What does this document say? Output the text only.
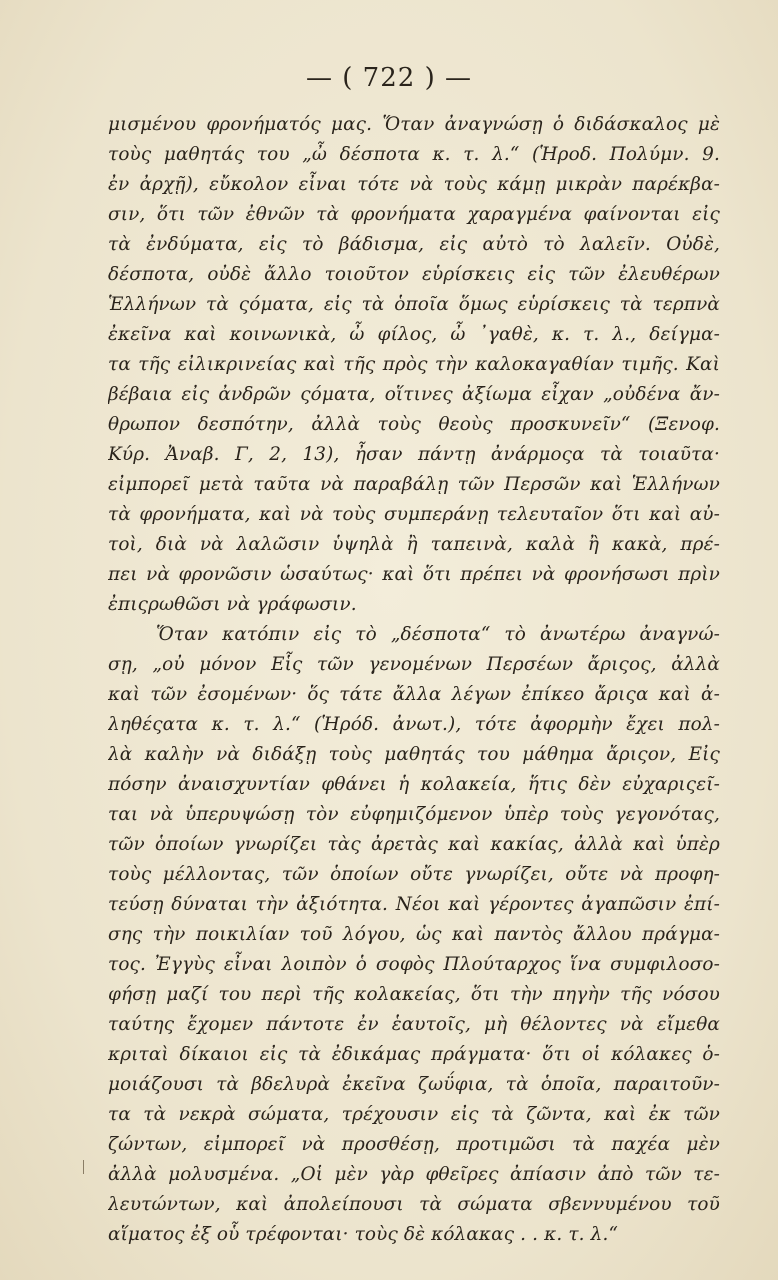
— ( 722 ) —
μισμένου φρονήματός μας. Ὅταν ἀναγνώσῃ ὁ διδάσκαλος μὲ
τοὺς μαθητάς του „ὦ δέσποτα κ. τ. λ.“ (Ἡροδ. Πολύμν. 9.
ἐν ἀρχῇ), εὔκολον εἶναι τότε νὰ τοὺς κάμῃ μικρὰν παρέκβα-
σιν, ὅτι τῶν ἐθνῶν τὰ φρονήματα χαραγμένα φαίνονται εἰς
τὰ ἐνδύματα, εἰς τὸ βάδισμα, εἰς αὐτὸ τὸ λαλεῖν. Οὐδὲ,
δέσποτα, οὐδὲ ἄλλο τοιοῦτον εὑρίσκεις εἰς τῶν ἐλευθέρων
Ἑλλήνων τὰ ςόματα, εἰς τὰ ὁποῖα ὅμως εὑρίσκεις τὰ τερπνὰ
ἐκεῖνα καὶ κοινωνικὰ, ὦ φίλος, ὦ ᾽γαθὲ, κ. τ. λ., δείγμα-
τα τῆς εἰλικρινείας καὶ τῆς πρὸς τὴν καλοκαγαθίαν τιμῆς. Καὶ
βέβαια εἰς ἀνδρῶν ςόματα, οἵτινες ἀξίωμα εἶχαν „οὐδένα ἄν-
θρωπον δεσπότην, ἀλλὰ τοὺς θεοὺς προσκυνεῖν“ (Ξενοφ.
Κύρ. Ἀναβ. Γ, 2, 13), ἦσαν πάντῃ ἀνάρμοςα τὰ τοιαῦτα·
εἰμπορεῖ μετὰ ταῦτα νὰ παραβάλῃ τῶν Περσῶν καὶ Ἑλλήνων
τὰ φρονήματα, καὶ νὰ τοὺς συμπεράνῃ τελευταῖον ὅτι καὶ αὐ-
τοὶ, διὰ νὰ λαλῶσιν ὑψηλὰ ἢ ταπεινὰ, καλὰ ἢ κακὰ, πρέ-
πει νὰ φρονῶσιν ὡσαύτως· καὶ ὅτι πρέπει νὰ φρονήσωσι πρὶν
ἐπιςρωθῶσι νὰ γράφωσιν.
Ὅταν κατόπιν εἰς τὸ „δέσποτα“ τὸ ἀνωτέρω ἀναγνώ-
σῃ, „οὐ μόνον Εἷς τῶν γενομένων Περσέων ἄριςος, ἀλλὰ
καὶ τῶν ἐσομένων· ὅς τάτε ἄλλα λέγων ἐπίκεο ἄριςα καὶ ἀ-
ληθέςατα κ. τ. λ.“ (Ἡρόδ. ἀνωτ.), τότε ἀφορμὴν ἔχει πολ-
λὰ καλὴν νὰ διδάξῃ τοὺς μαθητάς του μάθημα ἄριςον, Εἰς
πόσην ἀναισχυντίαν φθάνει ἡ κολακεία, ἥτις δὲν εὐχαριςεῖ-
ται νὰ ὑπερυψώσῃ τὸν εὐφημιζόμενον ὑπὲρ τοὺς γεγονότας,
τῶν ὁποίων γνωρίζει τὰς ἀρετὰς καὶ κακίας, ἀλλὰ καὶ ὑπὲρ
τοὺς μέλλοντας, τῶν ὁποίων οὔτε γνωρίζει, οὔτε νὰ προφη-
τεύσῃ δύναται τὴν ἀξιότητα. Νέοι καὶ γέροντες ἀγαπῶσιν ἐπί-
σης τὴν ποικιλίαν τοῦ λόγου, ὡς καὶ παντὸς ἄλλου πράγμα-
τος. Ἐγγὺς εἶναι λοιπὸν ὁ σοφὸς Πλούταρχος ἵνα συμφιλοσο-
φήσῃ μαζί του περὶ τῆς κολακείας, ὅτι τὴν πηγὴν τῆς νόσου
ταύτης ἔχομεν πάντοτε ἐν ἑαυτοῖς, μὴ θέλοντες νὰ εἴμεθα
κριταὶ δίκαιοι εἰς τὰ ἐδικάμας πράγματα· ὅτι οἱ κόλακες ὁ-
μοιάζουσι τὰ βδελυρὰ ἐκεῖνα ζωΰφια, τὰ ὁποῖα, παραιτοῦν-
τα τὰ νεκρὰ σώματα, τρέχουσιν εἰς τὰ ζῶντα, καὶ ἐκ τῶν
ζώντων, εἰμπορεῖ νὰ προσθέσῃ, προτιμῶσι τὰ παχέα μὲν
ἀλλὰ μολυσμένα. „Οἱ μὲν γὰρ φθεῖρες ἀπίασιν ἀπὸ τῶν τε-
λευτώντων, καὶ ἀπολείπουσι τὰ σώματα σβεννυμένου τοῦ
αἵματος ἐξ οὗ τρέφονται· τοὺς δὲ κόλακας . . κ. τ. λ.“
